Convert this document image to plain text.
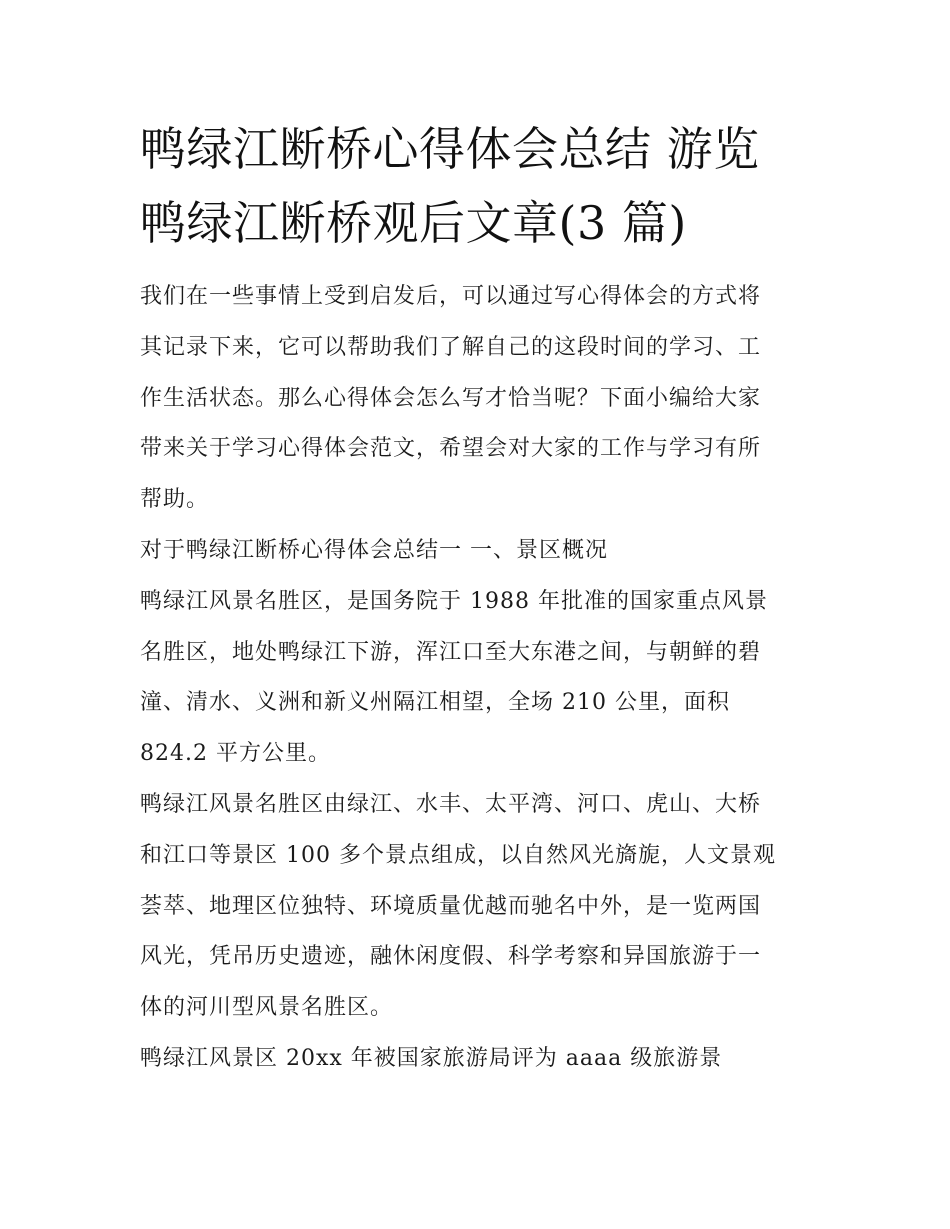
鸭绿江断桥心得体会总结 游览
鸭绿江断桥观后文章(3 篇)
我们在一些事情上受到启发后，可以通过写心得体会的方式将
其记录下来，它可以帮助我们了解自己的这段时间的学习、工
作生活状态。那么心得体会怎么写才恰当呢？下面小编给大家
带来关于学习心得体会范文，希望会对大家的工作与学习有所
帮助。
对于鸭绿江断桥心得体会总结一 一、景区概况
鸭绿江风景名胜区，是国务院于 1988 年批准的国家重点风景
名胜区，地处鸭绿江下游，浑江口至大东港之间，与朝鲜的碧
潼、清水、义洲和新义州隔江相望，全场 210 公里，面积
824.2 平方公里。
鸭绿江风景名胜区由绿江、水丰、太平湾、河口、虎山、大桥
和江口等景区 100 多个景点组成，以自然风光旖旎，人文景观
荟萃、地理区位独特、环境质量优越而驰名中外，是一览两国
风光，凭吊历史遗迹，融休闲度假、科学考察和异国旅游于一
体的河川型风景名胜区。
鸭绿江风景区 20xx 年被国家旅游局评为 aaaa 级旅游景
